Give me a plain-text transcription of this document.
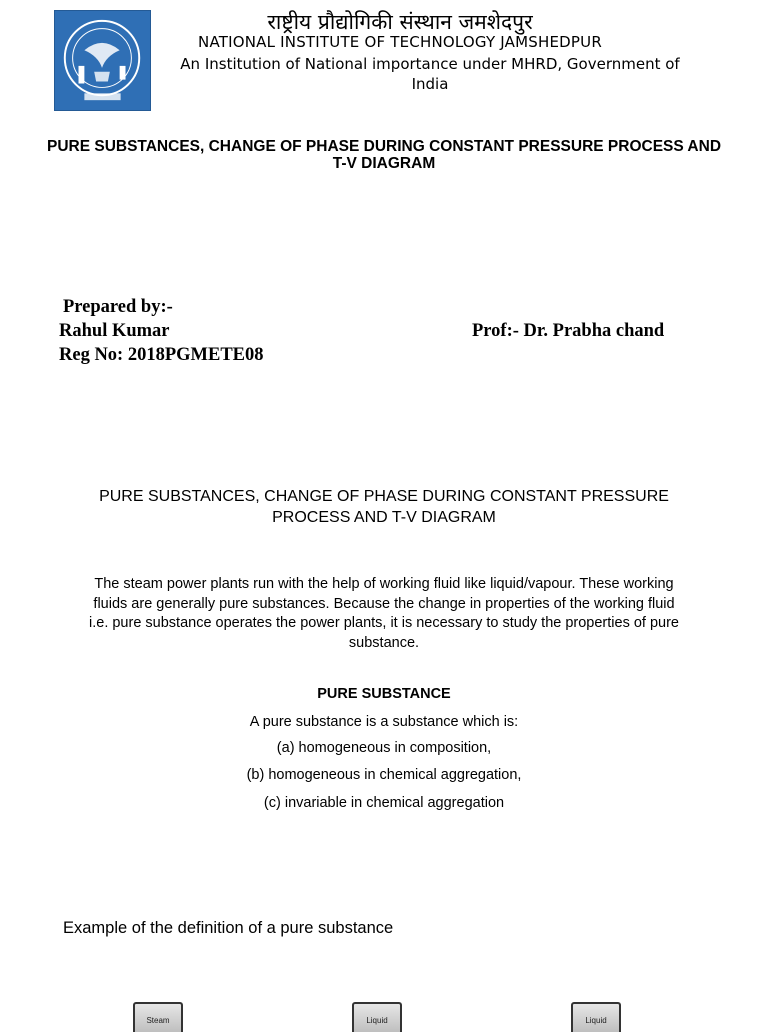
राष्ट्रीय प्रौद्योगिकी संस्थान जमशेदपुर
NATIONAL INSTITUTE OF TECHNOLOGY JAMSHEDPUR
An Institution of National importance under MHRD, Government of India
PURE SUBSTANCES, CHANGE OF PHASE DURING CONSTANT PRESSURE PROCESS AND T-V DIAGRAM
Prepared by:-
Rahul Kumar
Reg No: 2018PGMETE08
Prof:- Dr. Prabha chand
PURE SUBSTANCES, CHANGE OF PHASE DURING CONSTANT PRESSURE PROCESS AND T-V DIAGRAM
The steam power plants run with the help of working fluid like liquid/vapour. These working fluids are generally pure substances. Because the change in properties of the working fluid i.e. pure substance operates the power plants, it is necessary to study the properties of pure substance.
PURE SUBSTANCE
A pure substance is a substance which is:
(a) homogeneous in composition,
(b) homogeneous in chemical aggregation,
(c) invariable in chemical aggregation
Example of the definition of a pure substance
Steam	Liquid	Liquid
